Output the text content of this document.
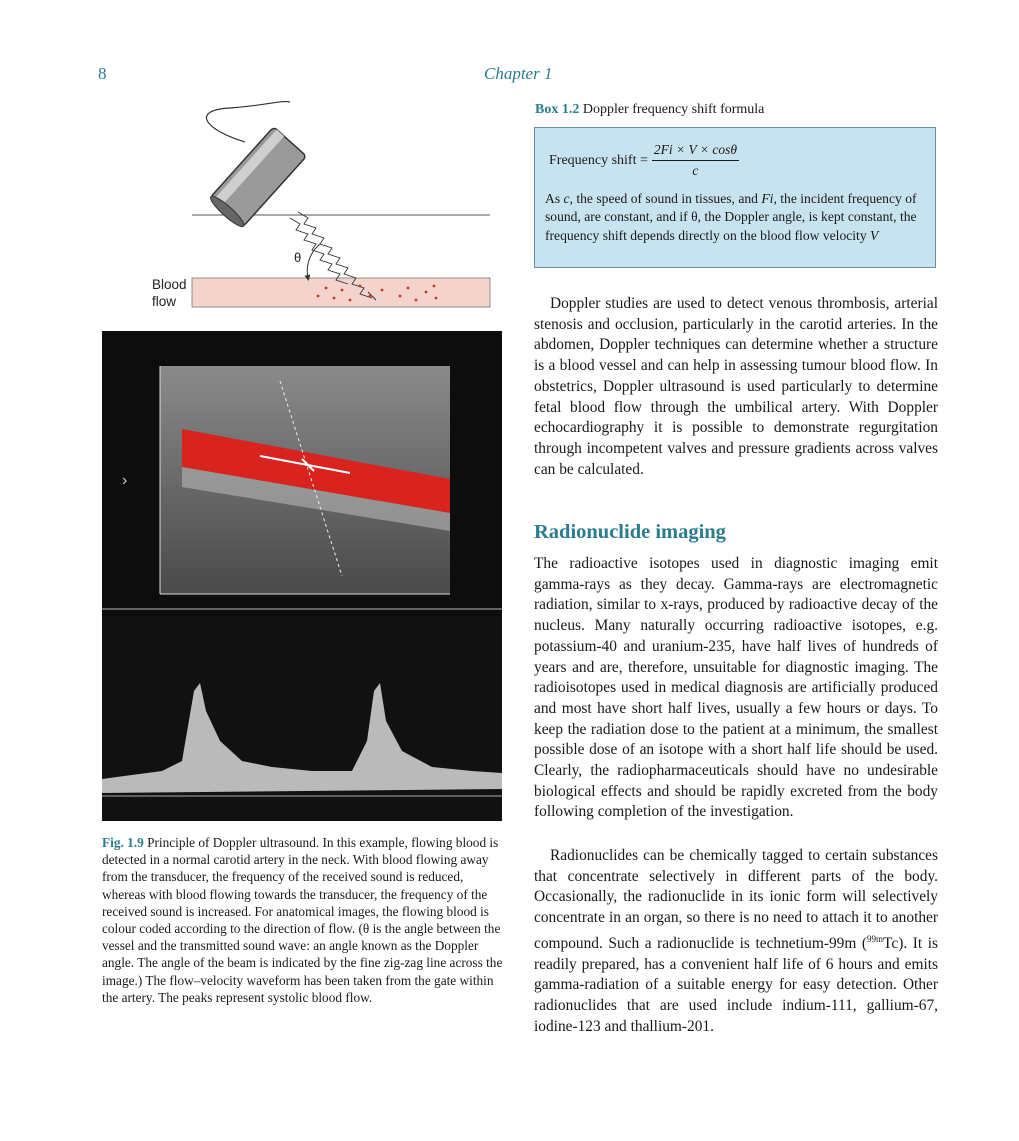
8	Chapter 1
θ
Blood
flow
›
Fig. 1.9 Principle of Doppler ultrasound. In this example, flowing blood is detected in a normal carotid artery in the neck. With blood flowing away from the transducer, the frequency of the received sound is reduced, whereas with blood flowing towards the transducer, the frequency of the received sound is increased. For anatomical images, the flowing blood is colour coded according to the direction of flow. (θ is the angle between the vessel and the transmitted sound wave: an angle known as the Doppler angle. The angle of the beam is indicated by the fine zig-zag line across the image.) The flow–velocity waveform has been taken from the gate within the artery. The peaks represent systolic blood flow.
Box 1.2 Doppler frequency shift formula
Frequency shift = $\frac{2Fi \times V \times \cos\theta}{c}$
As c, the speed of sound in tissues, and Fi, the incident frequency of sound, are constant, and if θ, the Doppler angle, is kept constant, the frequency shift depends directly on the blood flow velocity V
Doppler studies are used to detect venous thrombosis, arterial stenosis and occlusion, particularly in the carotid arteries. In the abdomen, Doppler techniques can determine whether a structure is a blood vessel and can help in assessing tumour blood flow. In obstetrics, Doppler ultrasound is used particularly to determine fetal blood flow through the umbilical artery. With Doppler echocardiography it is possible to demonstrate regurgitation through incompetent valves and pressure gradients across valves can be calculated.
Radionuclide imaging
The radioactive isotopes used in diagnostic imaging emit gamma-rays as they decay. Gamma-rays are electromagnetic radiation, similar to x-rays, produced by radioactive decay of the nucleus. Many naturally occurring radioactive isotopes, e.g. potassium-40 and uranium-235, have half lives of hundreds of years and are, therefore, unsuitable for diagnostic imaging. The radioisotopes used in medical diagnosis are artificially produced and most have short half lives, usually a few hours or days. To keep the radiation dose to the patient at a minimum, the smallest possible dose of an isotope with a short half life should be used. Clearly, the radiopharmaceuticals should have no undesirable biological effects and should be rapidly excreted from the body following completion of the investigation.
Radionuclides can be chemically tagged to certain substances that concentrate selectively in different parts of the body. Occasionally, the radionuclide in its ionic form will selectively concentrate in an organ, so there is no need to attach it to another compound. Such a radionuclide is technetium-99m ($^{99m}$Tc). It is readily prepared, has a convenient half life of 6 hours and emits gamma-radiation of a suitable energy for easy detection. Other radionuclides that are used include indium-111, gallium-67, iodine-123 and thallium-201.
